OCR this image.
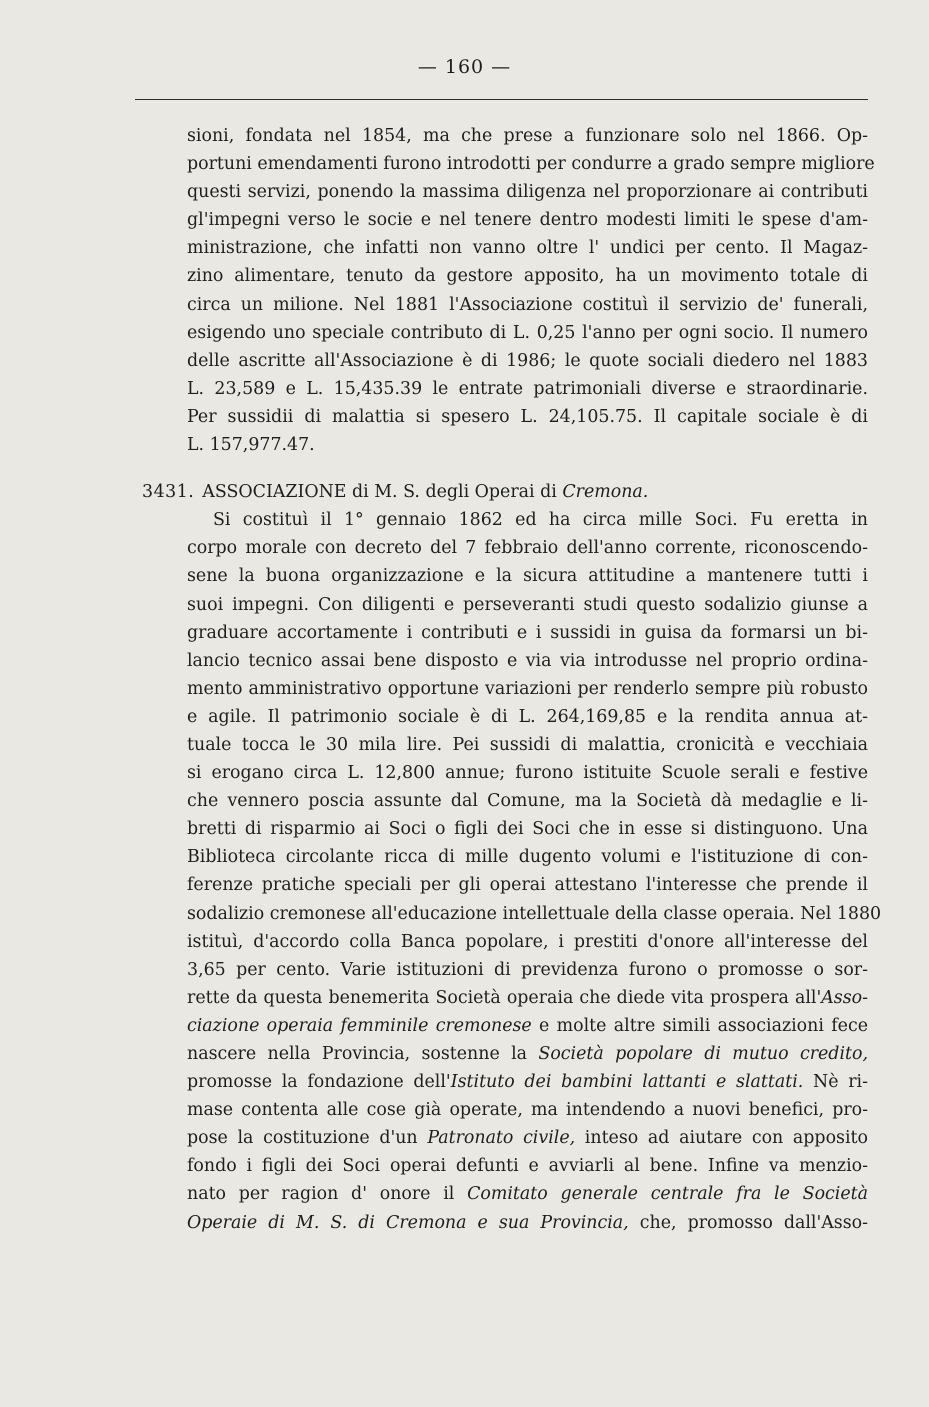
— 160 —
sioni, fondata nel 1854, ma che prese a funzionare solo nel 1866. Op-
portuni emendamenti furono introdotti per condurre a grado sempre migliore
questi servizi, ponendo la massima diligenza nel proporzionare ai contributi
gl'impegni verso le socie e nel tenere dentro modesti limiti le spese d'am-
ministrazione, che infatti non vanno oltre l' undici per cento. Il Magaz-
zino alimentare, tenuto da gestore apposito, ha un movimento totale di
circa un milione. Nel 1881 l'Associazione costituì il servizio de' funerali,
esigendo uno speciale contributo di L. 0,25 l'anno per ogni socio. Il numero
delle ascritte all'Associazione è di 1986; le quote sociali diedero nel 1883
L. 23,589 e L. 15,435.39 le entrate patrimoniali diverse e straordinarie.
Per sussidii di malattia si spesero L. 24,105.75. Il capitale sociale è di
L. 157,977.47.
3431. ASSOCIAZIONE di M. S. degli Operai di Cremona.
Si costituì il 1° gennaio 1862 ed ha circa mille Soci. Fu eretta in
corpo morale con decreto del 7 febbraio dell'anno corrente, riconoscendo-
sene la buona organizzazione e la sicura attitudine a mantenere tutti i
suoi impegni. Con diligenti e perseveranti studi questo sodalizio giunse a
graduare accortamente i contributi e i sussidi in guisa da formarsi un bi-
lancio tecnico assai bene disposto e via via introdusse nel proprio ordina-
mento amministrativo opportune variazioni per renderlo sempre più robusto
e agile. Il patrimonio sociale è di L. 264,169,85 e la rendita annua at-
tuale tocca le 30 mila lire. Pei sussidi di malattia, cronicità e vecchiaia
si erogano circa L. 12,800 annue; furono istituite Scuole serali e festive
che vennero poscia assunte dal Comune, ma la Società dà medaglie e li-
bretti di risparmio ai Soci o figli dei Soci che in esse si distinguono. Una
Biblioteca circolante ricca di mille dugento volumi e l'istituzione di con-
ferenze pratiche speciali per gli operai attestano l'interesse che prende il
sodalizio cremonese all'educazione intellettuale della classe operaia. Nel 1880
istituì, d'accordo colla Banca popolare, i prestiti d'onore all'interesse del
3,65 per cento. Varie istituzioni di previdenza furono o promosse o sor-
rette da questa benemerita Società operaia che diede vita prospera all'Asso-
ciazione operaia femminile cremonese e molte altre simili associazioni fece
nascere nella Provincia, sostenne la Società popolare di mutuo credito,
promosse la fondazione dell'Istituto dei bambini lattanti e slattati. Nè ri-
mase contenta alle cose già operate, ma intendendo a nuovi benefici, pro-
pose la costituzione d'un Patronato civile, inteso ad aiutare con apposito
fondo i figli dei Soci operai defunti e avviarli al bene. Infine va menzio-
nato per ragion d' onore il Comitato generale centrale fra le Società
Operaie di M. S. di Cremona e sua Provincia, che, promosso dall'Asso-
